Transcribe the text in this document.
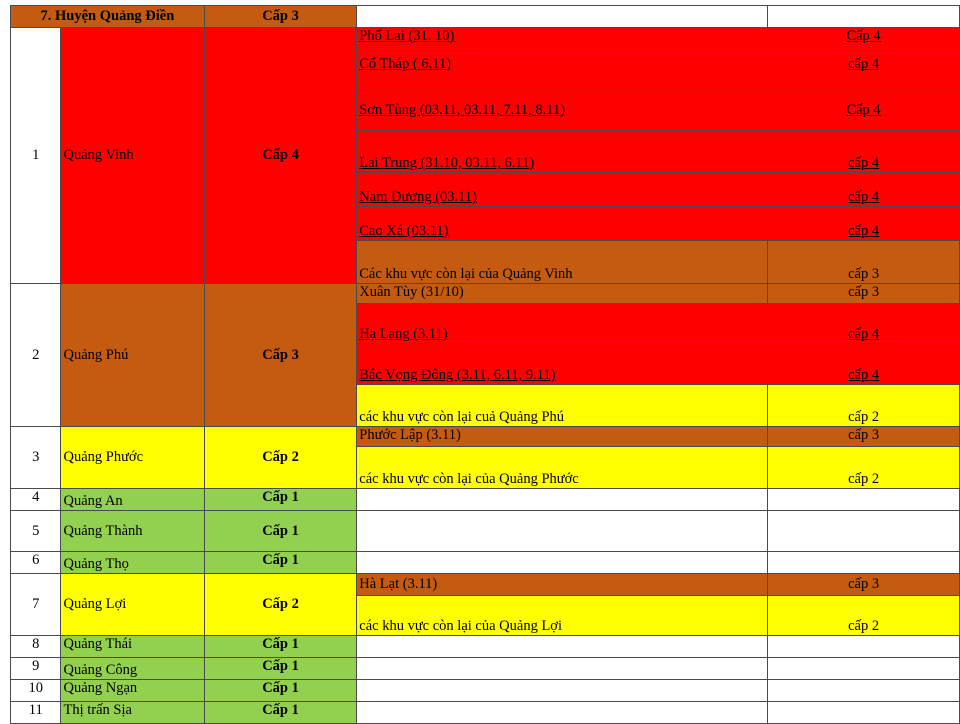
7. Huyện Quảng Điền		Cấp 3		
1	Quảng Vinh	Cấp 4	Phổ Lai (31. 10)	Cấp 4
			Cổ Tháp ( 6.11)	cấp 4
			Sơn Tùng (03.11, 03.11, 7.11, 8.11)	Cấp 4
			Lai Trung (31.10, 03.11, 6.11)	cấp 4
			Nam Dương (03.11)	cấp 4
			Cao Xá (03.11)	cấp 4
			Các khu vực còn lại của Quảng Vinh	cấp 3
2	Quảng Phú	Cấp 3	Xuân Tùy (31/10)	cấp 3
			Hạ Lang (3.11)	cấp 4
			Bác Vọng Đông (3.11, 6.11, 9.11)	cấp 4
			các khu vực còn lại cuả Quảng Phú	cấp 2
3	Quảng Phước	Cấp 2	Phước Lập (3.11)	cấp 3
			các khu vực còn lại của Quảng Phước	cấp 2
4	Quảng An	Cấp 1		
5	Quảng Thành	Cấp 1		
6	Quảng Thọ	Cấp 1		
7	Quảng Lợi	Cấp 2	Hà Lạt (3.11)	cấp 3
			các khu vực còn lại của Quảng Lợi	cấp 2
8	Quảng Thái	Cấp 1		
9	Quảng Công	Cấp 1		
10	Quảng Ngạn	Cấp 1		
11	Thị trấn Sịa	Cấp 1		
